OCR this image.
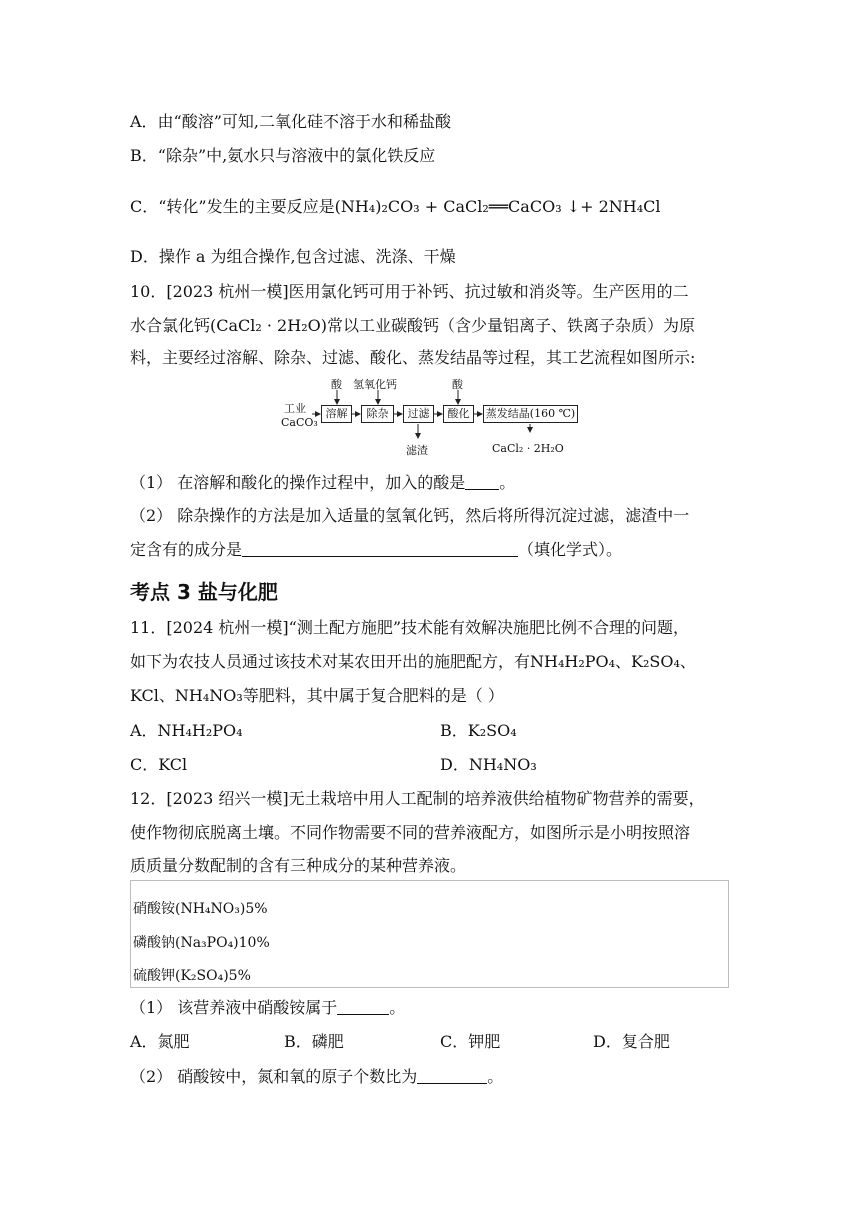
A．由“酸溶”可知,二氧化硅不溶于水和稀盐酸
B．“除杂”中,氨水只与溶液中的氯化铁反应
C．“转化”发生的主要反应是(NH₄)₂CO₃ + CaCl₂══CaCO₃ ↓+ 2NH₄Cl
D．操作 a 为组合操作,包含过滤、洗涤、干燥
10．[2023 杭州一模]医用氯化钙可用于补钙、抗过敏和消炎等。生产医用的二
水合氯化钙(CaCl₂ · 2H₂O)常以工业碳酸钙（含少量铝离子、铁离子杂质）为原
料，主要经过溶解、除杂、过滤、酸化、蒸发结晶等过程，其工艺流程如图所示:
工业
CaCO₃
酸 氢氧化钙	酸
溶解	除杂	过滤	酸化	蒸发结晶(160 ℃)
滤渣	CaCl₂ · 2H₂O
（1） 在溶解和酸化的操作过程中，加入的酸是 。
（2） 除杂操作的方法是加入适量的氢氧化钙，然后将所得沉淀过滤，滤渣中一
定含有的成分是	（填化学式）。
考点 3 盐与化肥
11．[2024 杭州一模]“测土配方施肥”技术能有效解决施肥比例不合理的问题，
如下为农技人员通过该技术对某农田开出的施肥配方，有NH₄H₂PO₄、K₂SO₄、
KCl、NH₄NO₃等肥料，其中属于复合肥料的是（ ）
A．NH₄H₂PO₄	B．K₂SO₄
C．KCl	D．NH₄NO₃
12．[2023 绍兴一模]无土栽培中用人工配制的培养液供给植物矿物营养的需要，
使作物彻底脱离土壤。不同作物需要不同的营养液配方，如图所示是小明按照溶
质质量分数配制的含有三种成分的某种营养液。
硝酸铵(NH₄NO₃)5%
磷酸钠(Na₃PO₄)10%
硫酸钾(K₂SO₄)5%
（1） 该营养液中硝酸铵属于	。
A．氮肥	B．磷肥	C．钾肥	D．复合肥
（2） 硝酸铵中，氮和氧的原子个数比为	。
